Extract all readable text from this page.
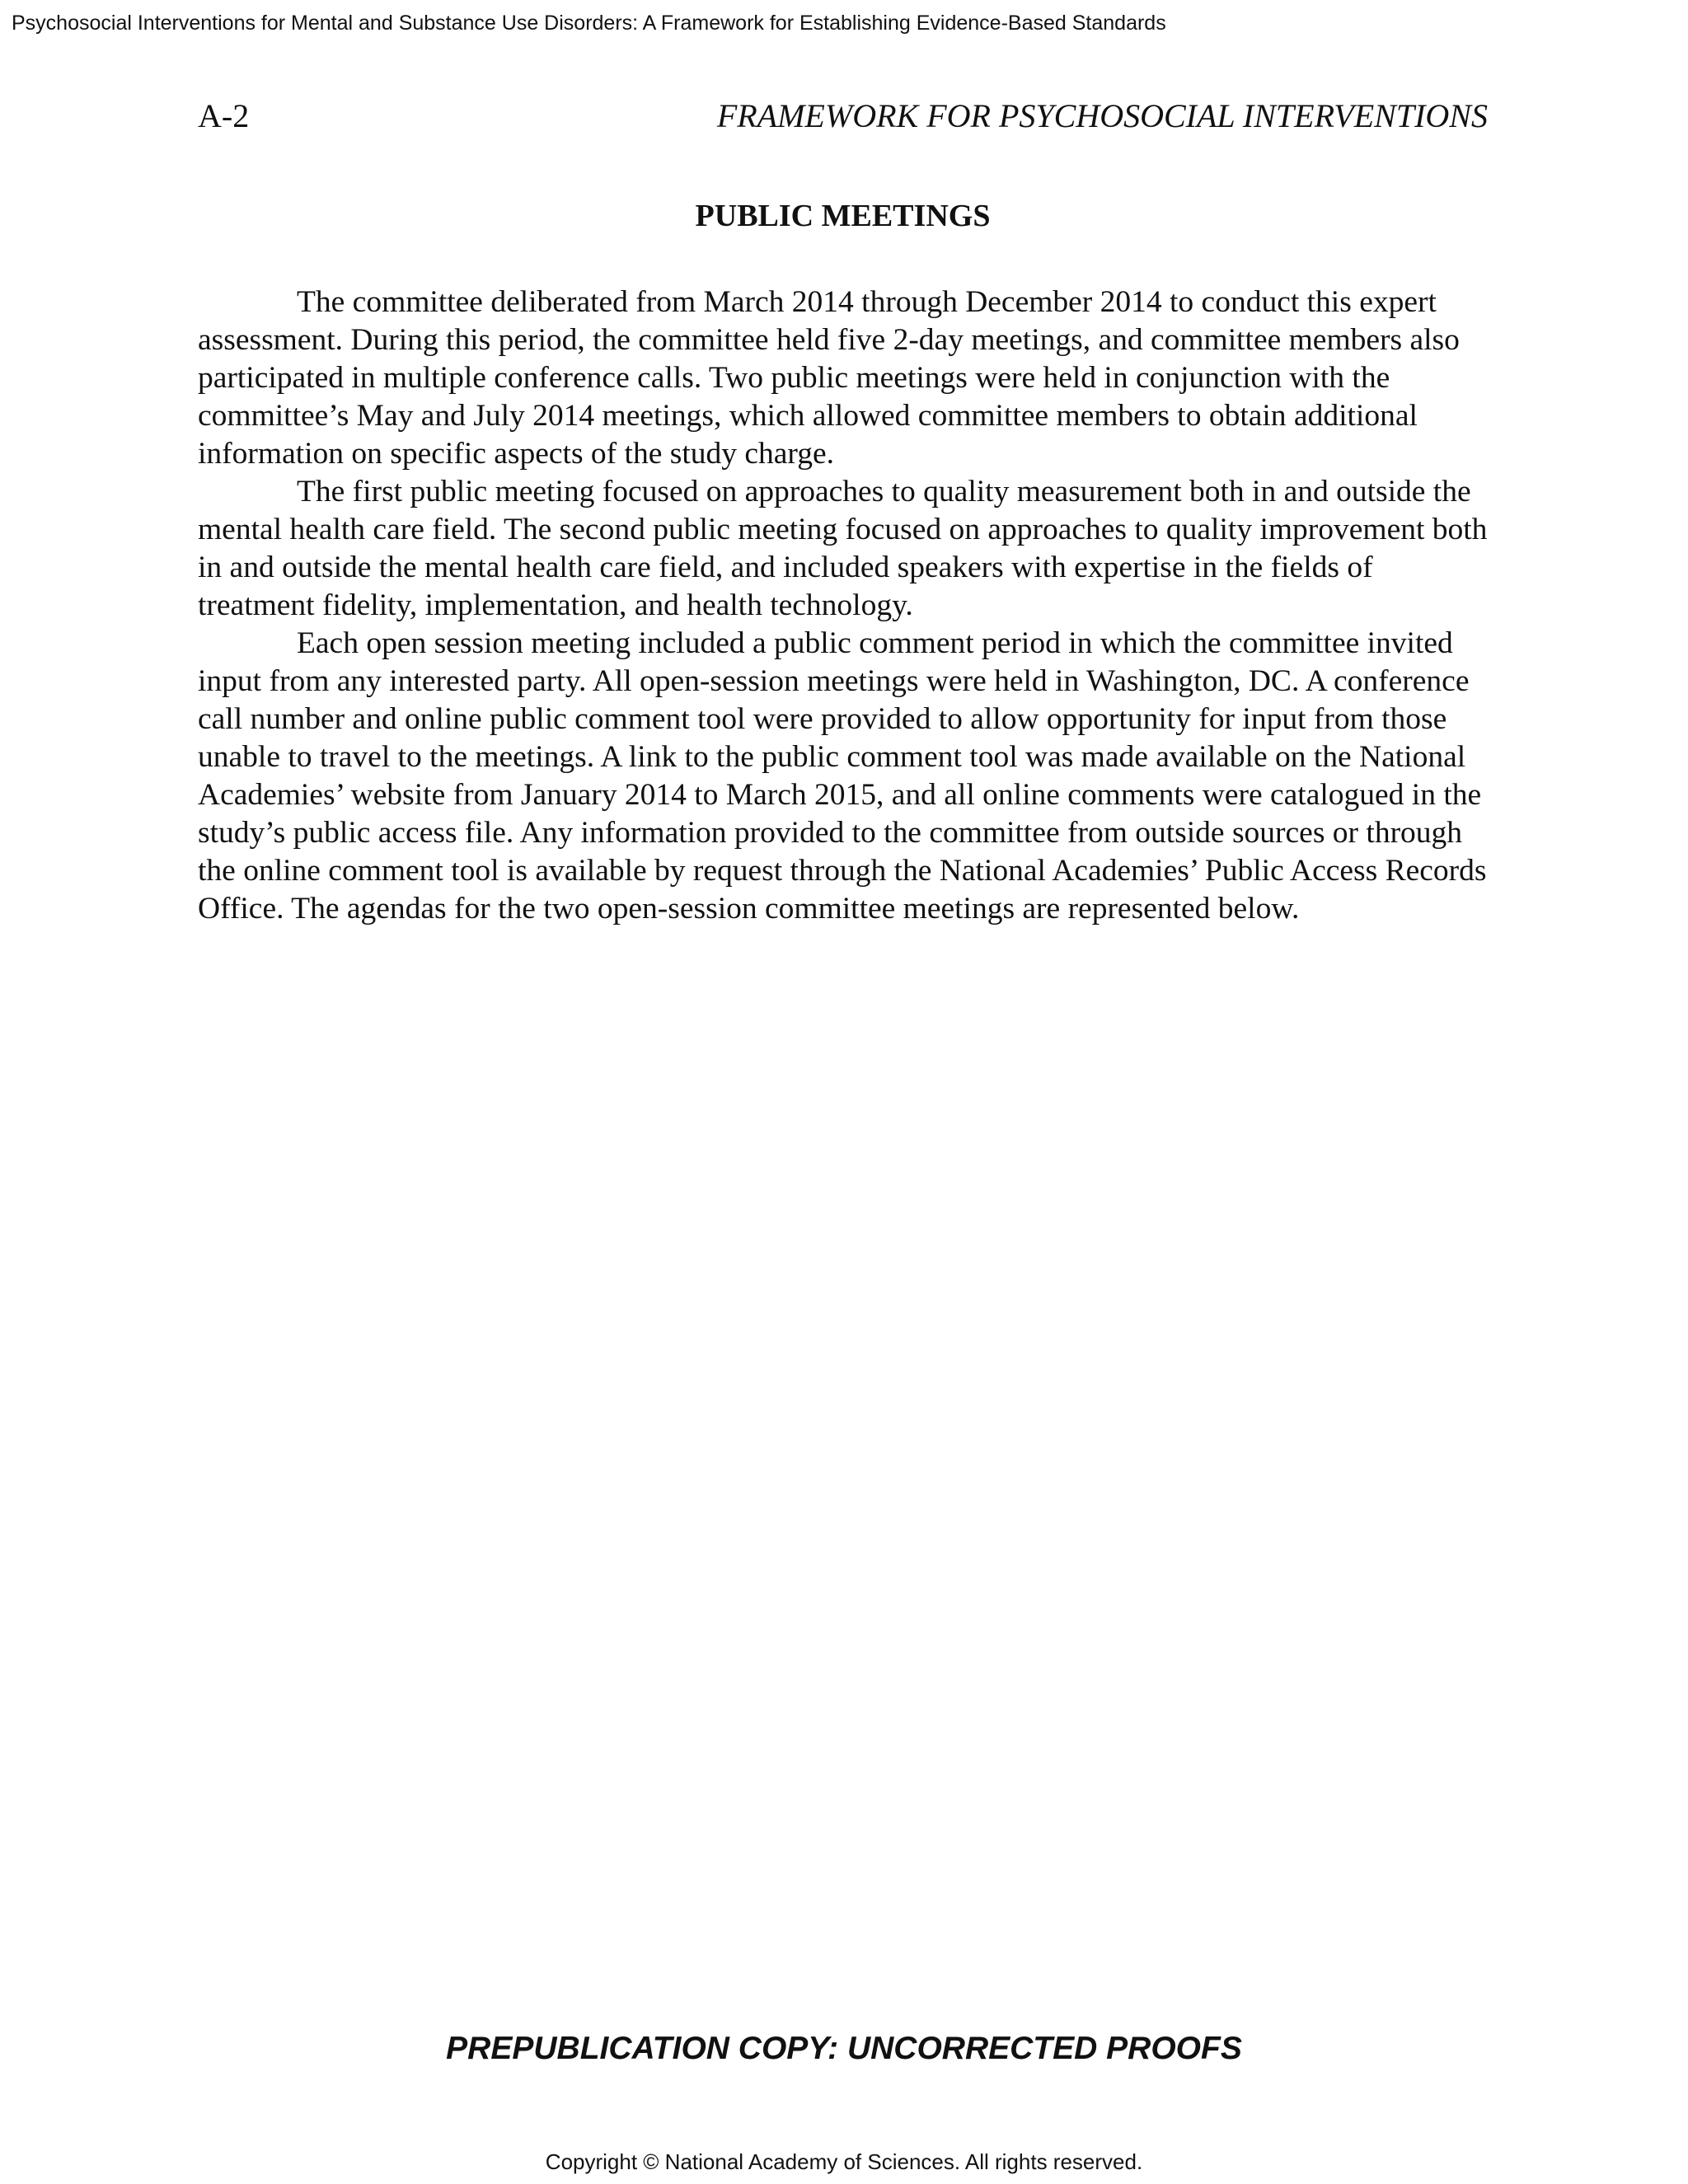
Psychosocial Interventions for Mental and Substance Use Disorders: A Framework for Establishing Evidence-Based Standards
A-2	FRAMEWORK FOR PSYCHOSOCIAL INTERVENTIONS
PUBLIC MEETINGS

The committee deliberated from March 2014 through December 2014 to conduct this expert assessment. During this period, the committee held five 2-day meetings, and committee members also participated in multiple conference calls. Two public meetings were held in conjunction with the committee’s May and July 2014 meetings, which allowed committee members to obtain additional information on specific aspects of the study charge.

The first public meeting focused on approaches to quality measurement both in and outside the mental health care field. The second public meeting focused on approaches to quality improvement both in and outside the mental health care field, and included speakers with expertise in the fields of treatment fidelity, implementation, and health technology.

Each open session meeting included a public comment period in which the committee invited input from any interested party. All open-session meetings were held in Washington, DC. A conference call number and online public comment tool were provided to allow opportunity for input from those unable to travel to the meetings. A link to the public comment tool was made available on the National Academies’ website from January 2014 to March 2015, and all online comments were catalogued in the study’s public access file. Any information provided to the committee from outside sources or through the online comment tool is available by request through the National Academies’ Public Access Records Office. The agendas for the two open-session committee meetings are represented below.

PREPUBLICATION COPY: UNCORRECTED PROOFS
Copyright © National Academy of Sciences. All rights reserved.
